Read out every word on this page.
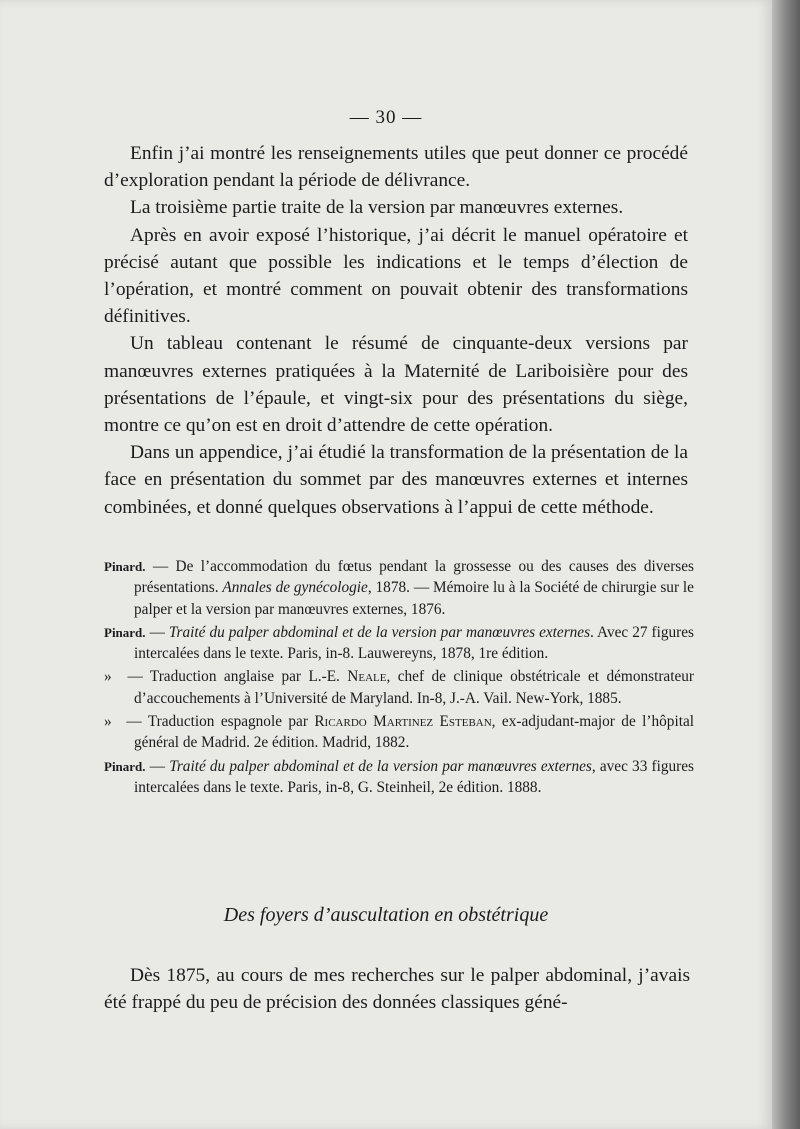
— 30 —

Enfin j’ai montré les renseignements utiles que peut donner ce procédé d’exploration pendant la période de délivrance.

La troisième partie traite de la version par manœuvres externes.

Après en avoir exposé l’historique, j’ai décrit le manuel opératoire et précisé autant que possible les indications et le temps d’élection de l’opération, et montré comment on pouvait obtenir des transformations définitives.

Un tableau contenant le résumé de cinquante-deux versions par manœuvres externes pratiquées à la Maternité de Lariboisière pour des présentations de l’épaule, et vingt-six pour des présentations du siège, montre ce qu’on est en droit d’attendre de cette opération.

Dans un appendice, j’ai étudié la transformation de la présentation de la face en présentation du sommet par des manœuvres externes et internes combinées, et donné quelques observations à l’appui de cette méthode.

Pinard. — De l’accommodation du fœtus pendant la grossesse ou des causes des diverses présentations. Annales de gynécologie, 1878. — Mémoire lu à la Société de chirurgie sur le palper et la version par manœuvres externes, 1876.

Pinard. — Traité du palper abdominal et de la version par manœuvres externes. Avec 27 figures intercalées dans le texte. Paris, in-8. Lauwereyns, 1878, 1re édition.

» — Traduction anglaise par L.-E. Neale, chef de clinique obstétricale et démonstrateur d’accouchements à l’Université de Maryland. In-8, J.-A. Vail. New-York, 1885.

» — Traduction espagnole par Ricardo Martinez Esteban, ex-adjudant-major de l’hôpital général de Madrid. 2e édition. Madrid, 1882.

Pinard. — Traité du palper abdominal et de la version par manœuvres externes, avec 33 figures intercalées dans le texte. Paris, in-8, G. Steinheil, 2e édition. 1888.

Des foyers d’auscultation en obstétrique

Dès 1875, au cours de mes recherches sur le palper abdominal, j’avais été frappé du peu de précision des données classiques géné-
